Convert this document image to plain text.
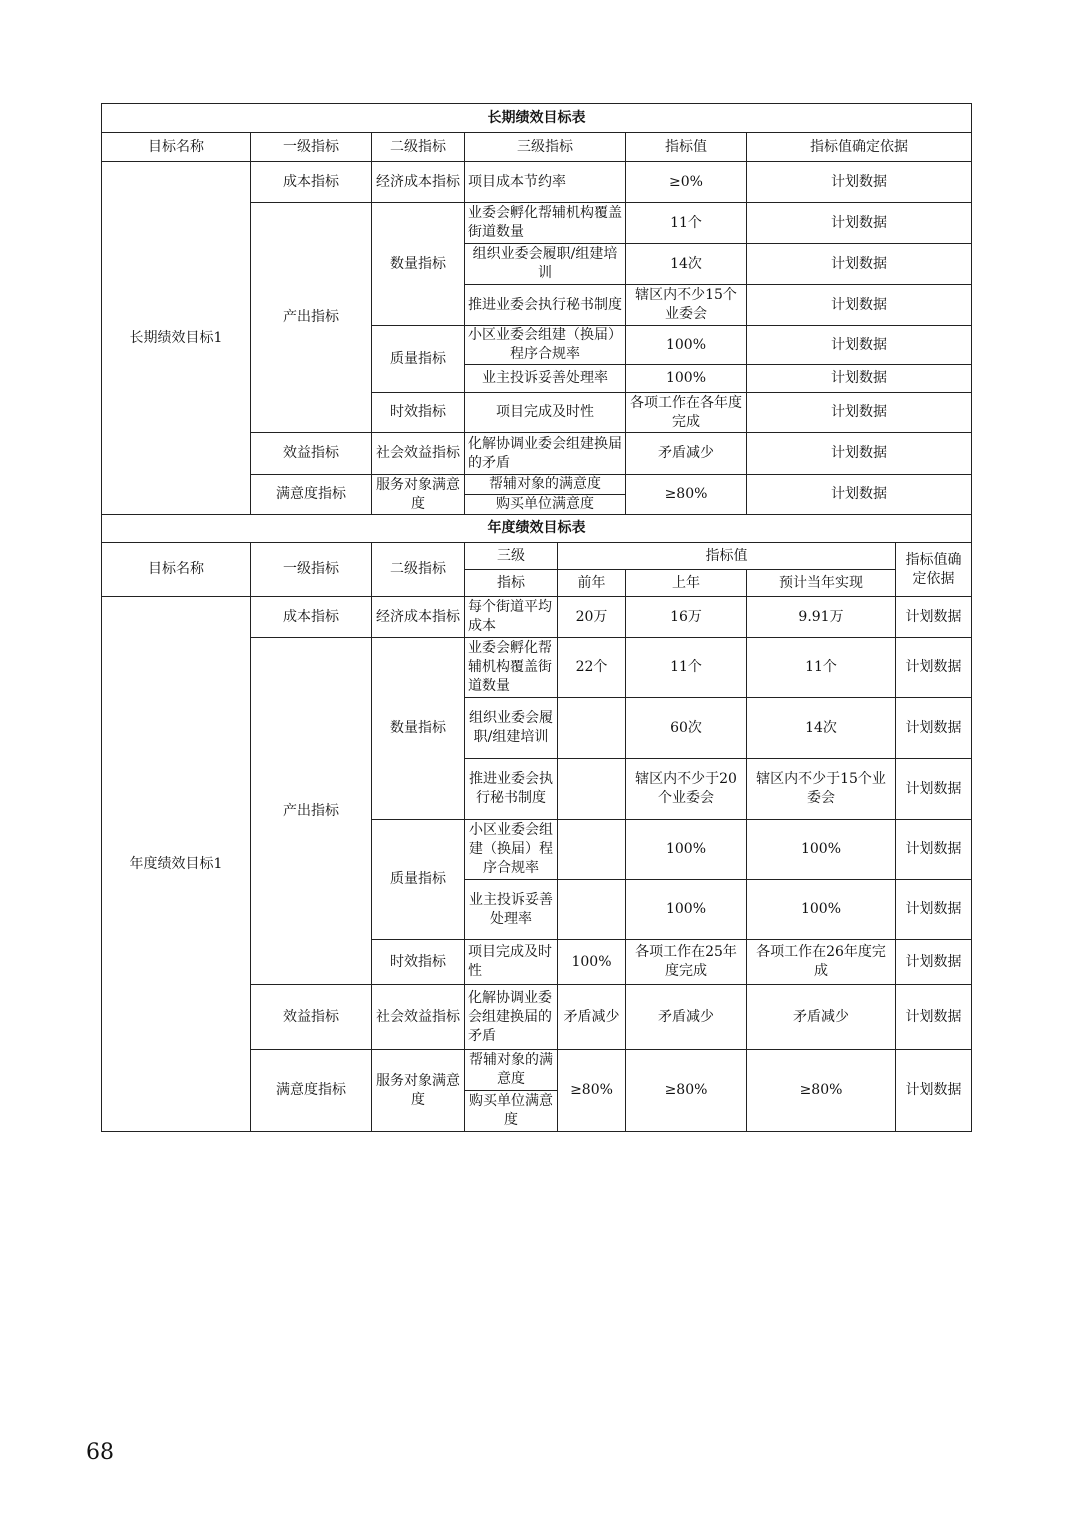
长期绩效目标表							
目标名称	一级指标	二级指标	三级指标		指标值	指标值确定依据	
长期绩效目标1	成本指标	经济成本指标	项目成本节约率		≥0%	计划数据	
	产出指标	数量指标	业委会孵化帮辅机构覆盖街道数量		11个	计划数据	
			组织业委会履职/组建培训		14次	计划数据	
			推进业委会执行秘书制度		辖区内不少15个业委会	计划数据	
		质量指标	小区业委会组建（换届）程序合规率		100%	计划数据	
			业主投诉妥善处理率		100%	计划数据	
		时效指标	项目完成及时性		各项工作在各年度完成	计划数据	
	效益指标	社会效益指标	化解协调业委会组建换届的矛盾		矛盾减少	计划数据	
	满意度指标	服务对象满意度	帮辅对象的满意度		≥80%	计划数据	
			购买单位满意度				
年度绩效目标表							
目标名称	一级指标	二级指标	三级	指标值			指标值确定依据
			指标	前年	上年	预计当年实现	
年度绩效目标1	成本指标	经济成本指标	每个街道平均成本	20万	16万	9.91万	计划数据
	产出指标	数量指标	业委会孵化帮辅机构覆盖街道数量	22个	11个	11个	计划数据
			组织业委会履职/组建培训		60次	14次	计划数据
			推进业委会执行秘书制度		辖区内不少于20个业委会	辖区内不少于15个业委会	计划数据
		质量指标	小区业委会组建（换届）程序合规率		100%	100%	计划数据
			业主投诉妥善处理率		100%	100%	计划数据
		时效指标	项目完成及时性	100%	各项工作在25年度完成	各项工作在26年度完成	计划数据
	效益指标	社会效益指标	化解协调业委会组建换届的矛盾	矛盾减少	矛盾减少	矛盾减少	计划数据
	满意度指标	服务对象满意度	帮辅对象的满意度	≥80%	≥80%	≥80%	计划数据
			购买单位满意度				
68
